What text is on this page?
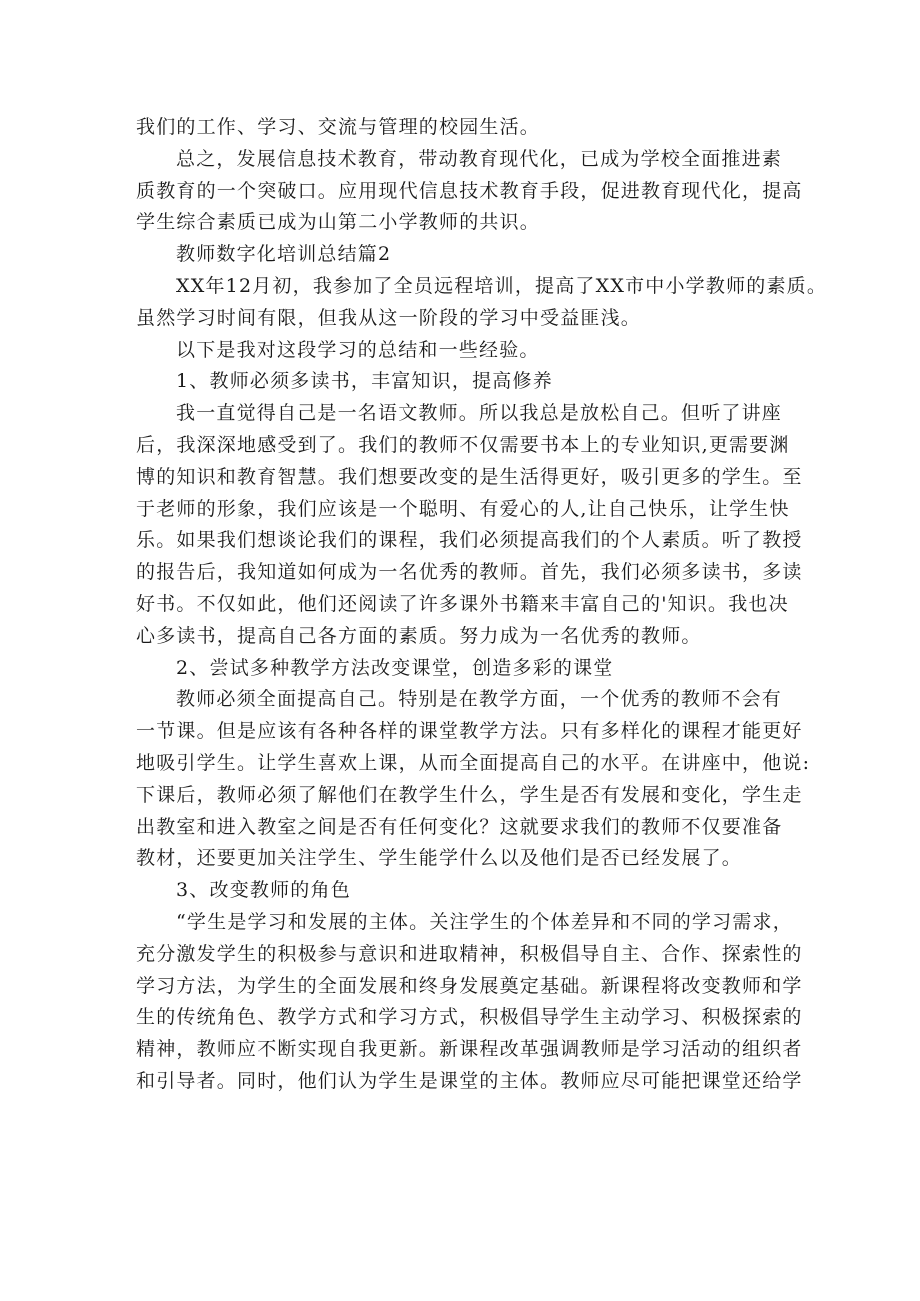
我们的工作、学习、交流与管理的校园生活。
总之，发展信息技术教育，带动教育现代化，已成为学校全面推进素
质教育的一个突破口。应用现代信息技术教育手段，促进教育现代化，提高
学生综合素质已成为山第二小学教师的共识。
教师数字化培训总结篇2
XX年12月初，我参加了全员远程培训，提高了XX市中小学教师的素质。
虽然学习时间有限，但我从这一阶段的学习中受益匪浅。
以下是我对这段学习的总结和一些经验。
1、教师必须多读书，丰富知识，提高修养
我一直觉得自己是一名语文教师。所以我总是放松自己。但听了讲座
后，我深深地感受到了。我们的教师不仅需要书本上的专业知识,更需要渊
博的知识和教育智慧。我们想要改变的是生活得更好，吸引更多的学生。至
于老师的形象，我们应该是一个聪明、有爱心的人,让自己快乐，让学生快
乐。如果我们想谈论我们的课程，我们必须提高我们的个人素质。听了教授
的报告后，我知道如何成为一名优秀的教师。首先，我们必须多读书，多读
好书。不仅如此，他们还阅读了许多课外书籍来丰富自己的'知识。我也决
心多读书，提高自己各方面的素质。努力成为一名优秀的教师。
2、尝试多种教学方法改变课堂，创造多彩的课堂
教师必须全面提高自己。特别是在教学方面，一个优秀的教师不会有
一节课。但是应该有各种各样的课堂教学方法。只有多样化的课程才能更好
地吸引学生。让学生喜欢上课，从而全面提高自己的水平。在讲座中，他说:
下课后，教师必须了解他们在教学生什么，学生是否有发展和变化，学生走
出教室和进入教室之间是否有任何变化？这就要求我们的教师不仅要准备
教材，还要更加关注学生、学生能学什么以及他们是否已经发展了。
3、改变教师的角色
“学生是学习和发展的主体。关注学生的个体差异和不同的学习需求，
充分激发学生的积极参与意识和进取精神，积极倡导自主、合作、探索性的
学习方法，为学生的全面发展和终身发展奠定基础。新课程将改变教师和学
生的传统角色、教学方式和学习方式，积极倡导学生主动学习、积极探索的
精神，教师应不断实现自我更新。新课程改革强调教师是学习活动的组织者
和引导者。同时，他们认为学生是课堂的主体。教师应尽可能把课堂还给学
